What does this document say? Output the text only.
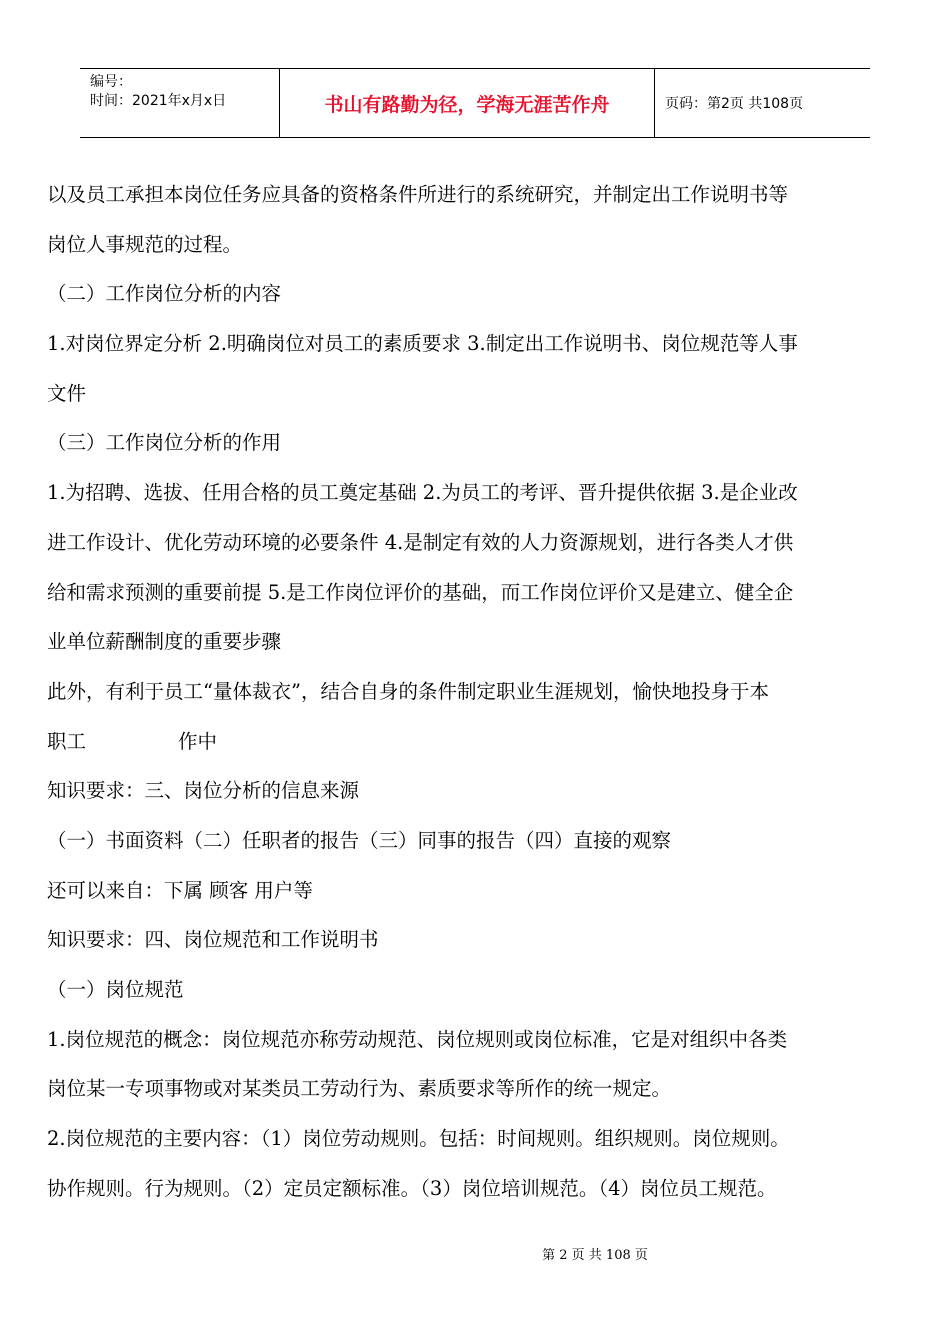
编号：
时间：2021年x月x日	书山有路勤为径，学海无涯苦作舟	页码：第2页 共108页
以及员工承担本岗位任务应具备的资格条件所进行的系统研究，并制定出工作说明书等
岗位人事规范的过程。
（二）工作岗位分析的内容
1.对岗位界定分析 2.明确岗位对员工的素质要求 3.制定出工作说明书、岗位规范等人事
文件
（三）工作岗位分析的作用
1.为招聘、选拔、任用合格的员工奠定基础 2.为员工的考评、晋升提供依据 3.是企业改
进工作设计、优化劳动环境的必要条件 4.是制定有效的人力资源规划，进行各类人才供
给和需求预测的重要前提 5.是工作岗位评价的基础，而工作岗位评价又是建立、健全企
业单位薪酬制度的重要步骤
此外，有利于员工“量体裁衣”，结合自身的条件制定职业生涯规划，愉快地投身于本
职工	作中
知识要求：三、岗位分析的信息来源
（一）书面资料（二）任职者的报告（三）同事的报告（四）直接的观察
还可以来自：下属 顾客 用户等
知识要求：四、岗位规范和工作说明书
（一）岗位规范
1.岗位规范的概念：岗位规范亦称劳动规范、岗位规则或岗位标准，它是对组织中各类
岗位某一专项事物或对某类员工劳动行为、素质要求等所作的统一规定。
2.岗位规范的主要内容：（1）岗位劳动规则。包括：时间规则。组织规则。岗位规则。
协作规则。行为规则。（2）定员定额标准。（3）岗位培训规范。（4）岗位员工规范。
第 2 页 共 108 页
